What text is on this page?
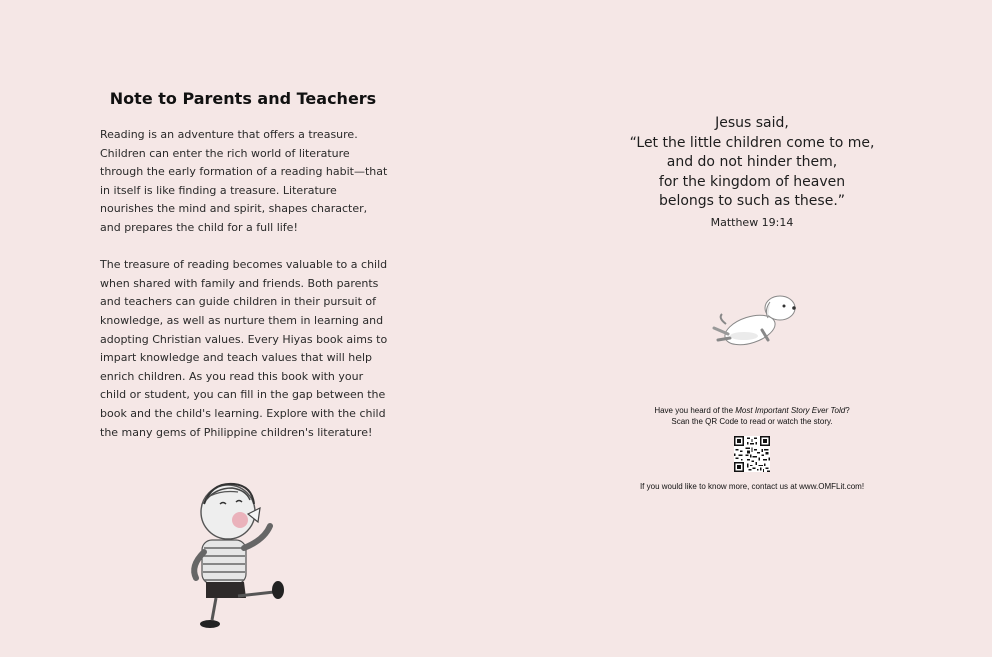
Note to Parents and Teachers

Reading is an adventure that offers a treasure. Children can enter the rich world of literature through the early formation of a reading habit—that in itself is like finding a treasure. Literature nourishes the mind and spirit, shapes character, and prepares the child for a full life!

The treasure of reading becomes valuable to a child when shared with family and friends. Both parents and teachers can guide children in their pursuit of knowledge, as well as nurture them in learning and adopting Christian values. Every Hiyas book aims to impart knowledge and teach values that will help enrich children. As you read this book with your child or student, you can fill in the gap between the book and the child's learning. Explore with the child the many gems of Philippine children's literature!

Jesus said,
“Let the little children come to me,
and do not hinder them,
for the kingdom of heaven
belongs to such as these.”
Matthew 19:14
Have you heard of the Most Important Story Ever Told?
Scan the QR Code to read or watch the story.
If you would like to know more, contact us at www.OMFLit.com!
